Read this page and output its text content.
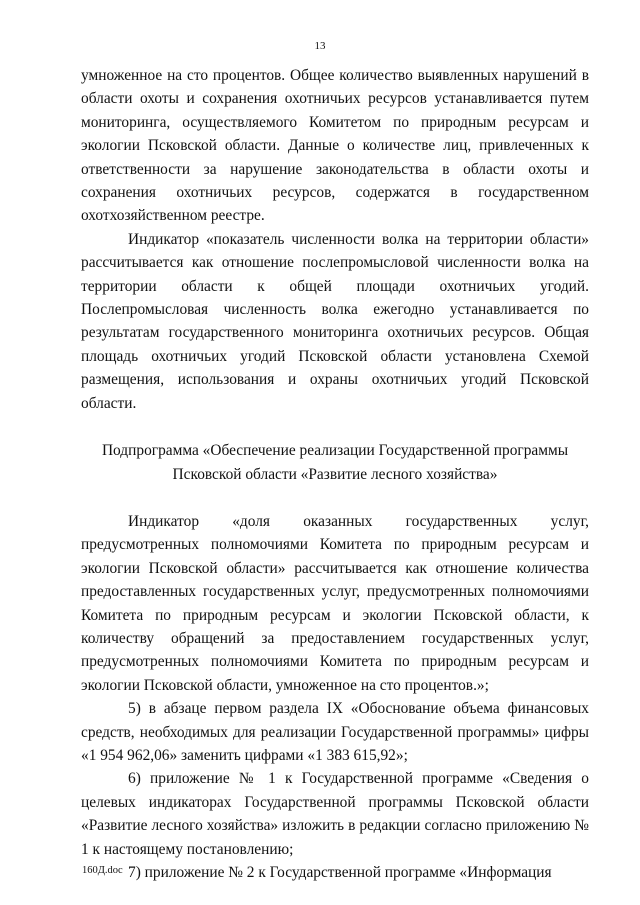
13

умноженное на сто процентов. Общее количество выявленных нарушений в области охоты и сохранения охотничьих ресурсов устанавливается путем мониторинга, осуществляемого Комитетом по природным ресурсам и экологии Псковской области. Данные о количестве лиц, привлеченных к ответственности за нарушение законодательства в области охоты и сохранения охотничьих ресурсов, содержатся в государственном охотхозяйственном реестре.

Индикатор «показатель численности волка на территории области» рассчитывается как отношение послепромысловой численности волка на территории области к общей площади охотничьих угодий. Послепромысловая численность волка ежегодно устанавливается по результатам государственного мониторинга охотничьих ресурсов. Общая площадь охотничьих угодий Псковской области установлена Схемой размещения, использования и охраны охотничьих угодий Псковской области.

Подпрограмма «Обеспечение реализации Государственной программы Псковской области «Развитие лесного хозяйства»

Индикатор «доля оказанных государственных услуг, предусмотренных полномочиями Комитета по природным ресурсам и экологии Псковской области» рассчитывается как отношение количества предоставленных государственных услуг, предусмотренных полномочиями Комитета по природным ресурсам и экологии Псковской области, к количеству обращений за предоставлением государственных услуг, предусмотренных полномочиями Комитета по природным ресурсам и экологии Псковской области, умноженное на сто процентов.»;

5) в абзаце первом раздела IX «Обоснование объема финансовых средств, необходимых для реализации Государственной программы» цифры «1 954 962,06» заменить цифрами «1 383 615,92»;

6) приложение № 1 к Государственной программе «Сведения о целевых индикаторах Государственной программы Псковской области «Развитие лесного хозяйства» изложить в редакции согласно приложению № 1 к настоящему постановлению;

7) приложение № 2 к Государственной программе «Информация

160Д.doc
